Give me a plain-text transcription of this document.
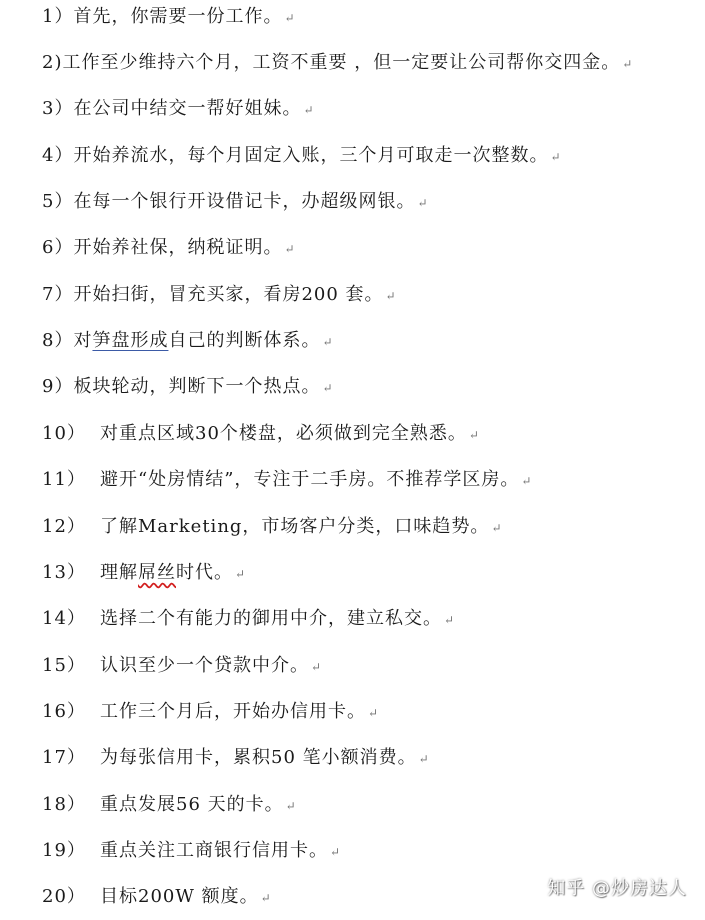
1）首先，你需要一份工作。 ↵
2)工作至少维持六个月，工资不重要 ，但一定要让公司帮你交四金。 ↵
3）在公司中结交一帮好姐妹。 ↵
4）开始养流水，每个月固定入账，三个月可取走一次整数。 ↵
5）在每一个银行开设借记卡，办超级网银。 ↵
6）开始养社保，纳税证明。 ↵
7）开始扫街，冒充买家，看房200 套。 ↵
8）对笋盘形成自己的判断体系。 ↵
9）板块轮动，判断下一个热点。 ↵
10） 对重点区域30个楼盘，必须做到完全熟悉。 ↵
11） 避开“处房情结”，专注于二手房。不推荐学区房。 ↵
12） 了解Marketing，市场客户分类，口味趋势。 ↵
13） 理解屌丝时代。 ↵
14） 选择二个有能力的御用中介，建立私交。 ↵
15） 认识至少一个贷款中介。 ↵
16） 工作三个月后，开始办信用卡。 ↵
17） 为每张信用卡，累积50 笔小额消费。 ↵
18） 重点发展56 天的卡。 ↵
19） 重点关注工商银行信用卡。 ↵
20） 目标200W 额度。 ↵	知乎 @炒房达人
